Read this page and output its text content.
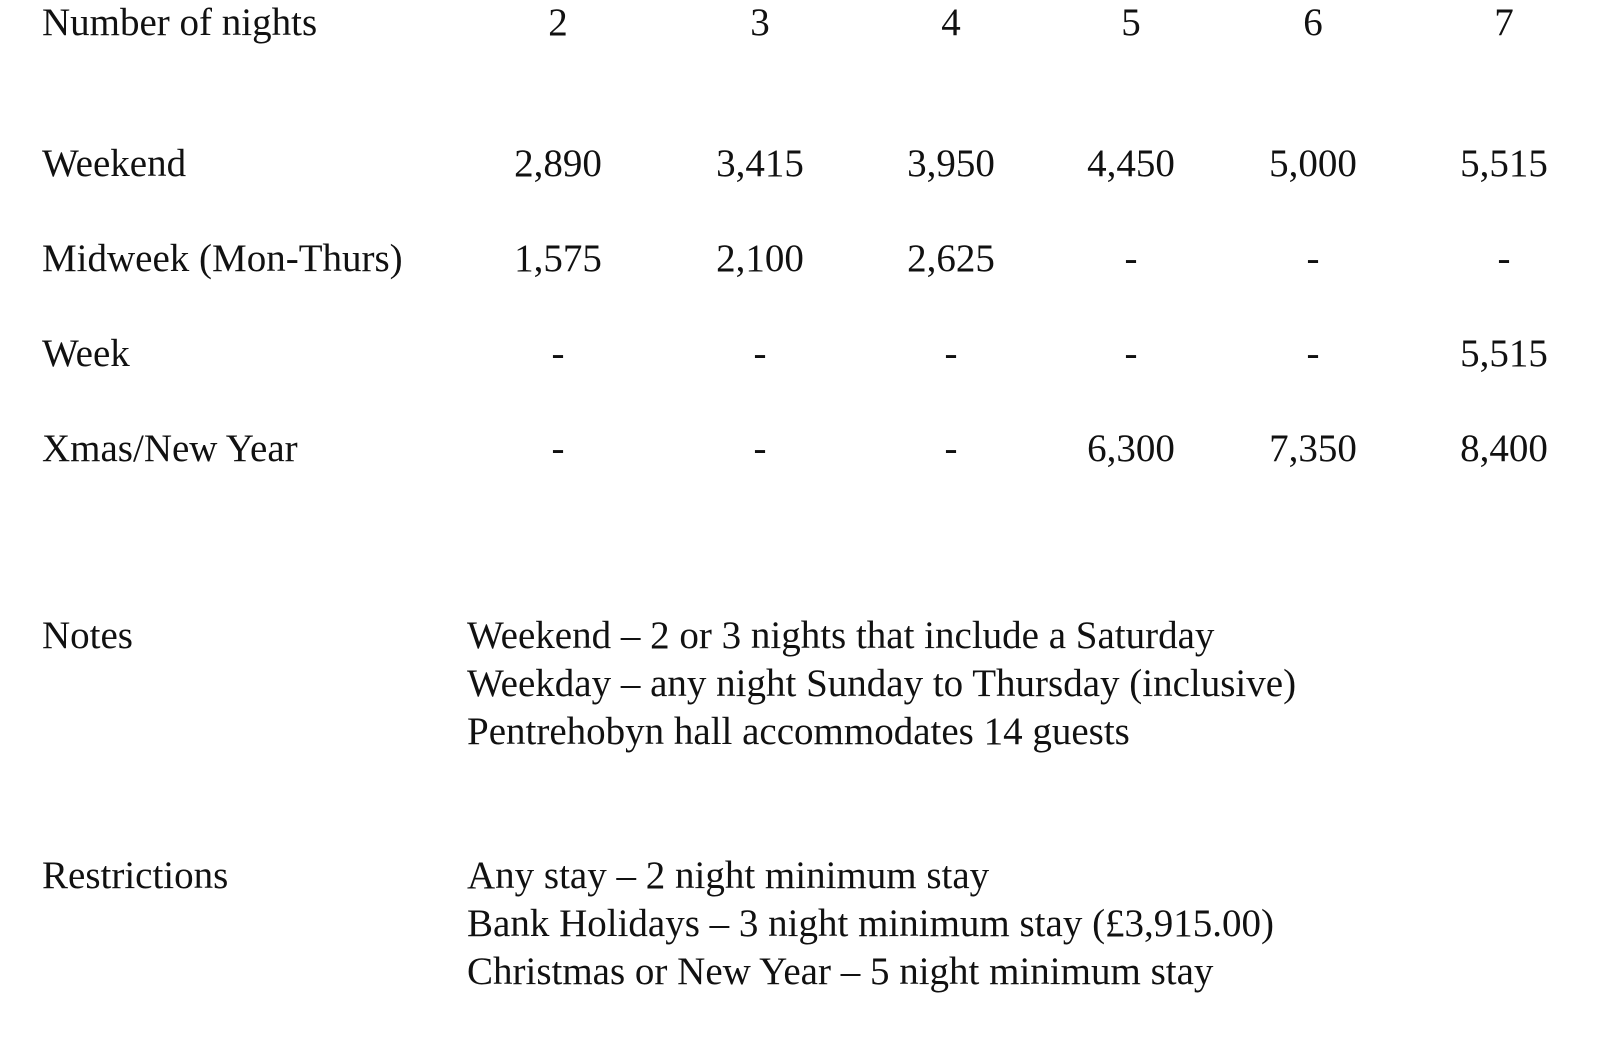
Number of nights	2	3	4	5	6	7
Weekend	2,890	3,415	3,950	4,450	5,000	5,515
Midweek (Mon-Thurs)	1,575	2,100	2,625	-	-	-
Week	-	-	-	-	-	5,515
Xmas/New Year	-	-	-	6,300	7,350	8,400
Notes	Weekend – 2 or 3 nights that include a Saturday
Weekday – any night Sunday to Thursday (inclusive)
Pentrehobyn hall accommodates 14 guests
Restrictions	Any stay – 2 night minimum stay
Bank Holidays – 3 night minimum stay (£3,915.00)
Christmas or New Year – 5 night minimum stay
